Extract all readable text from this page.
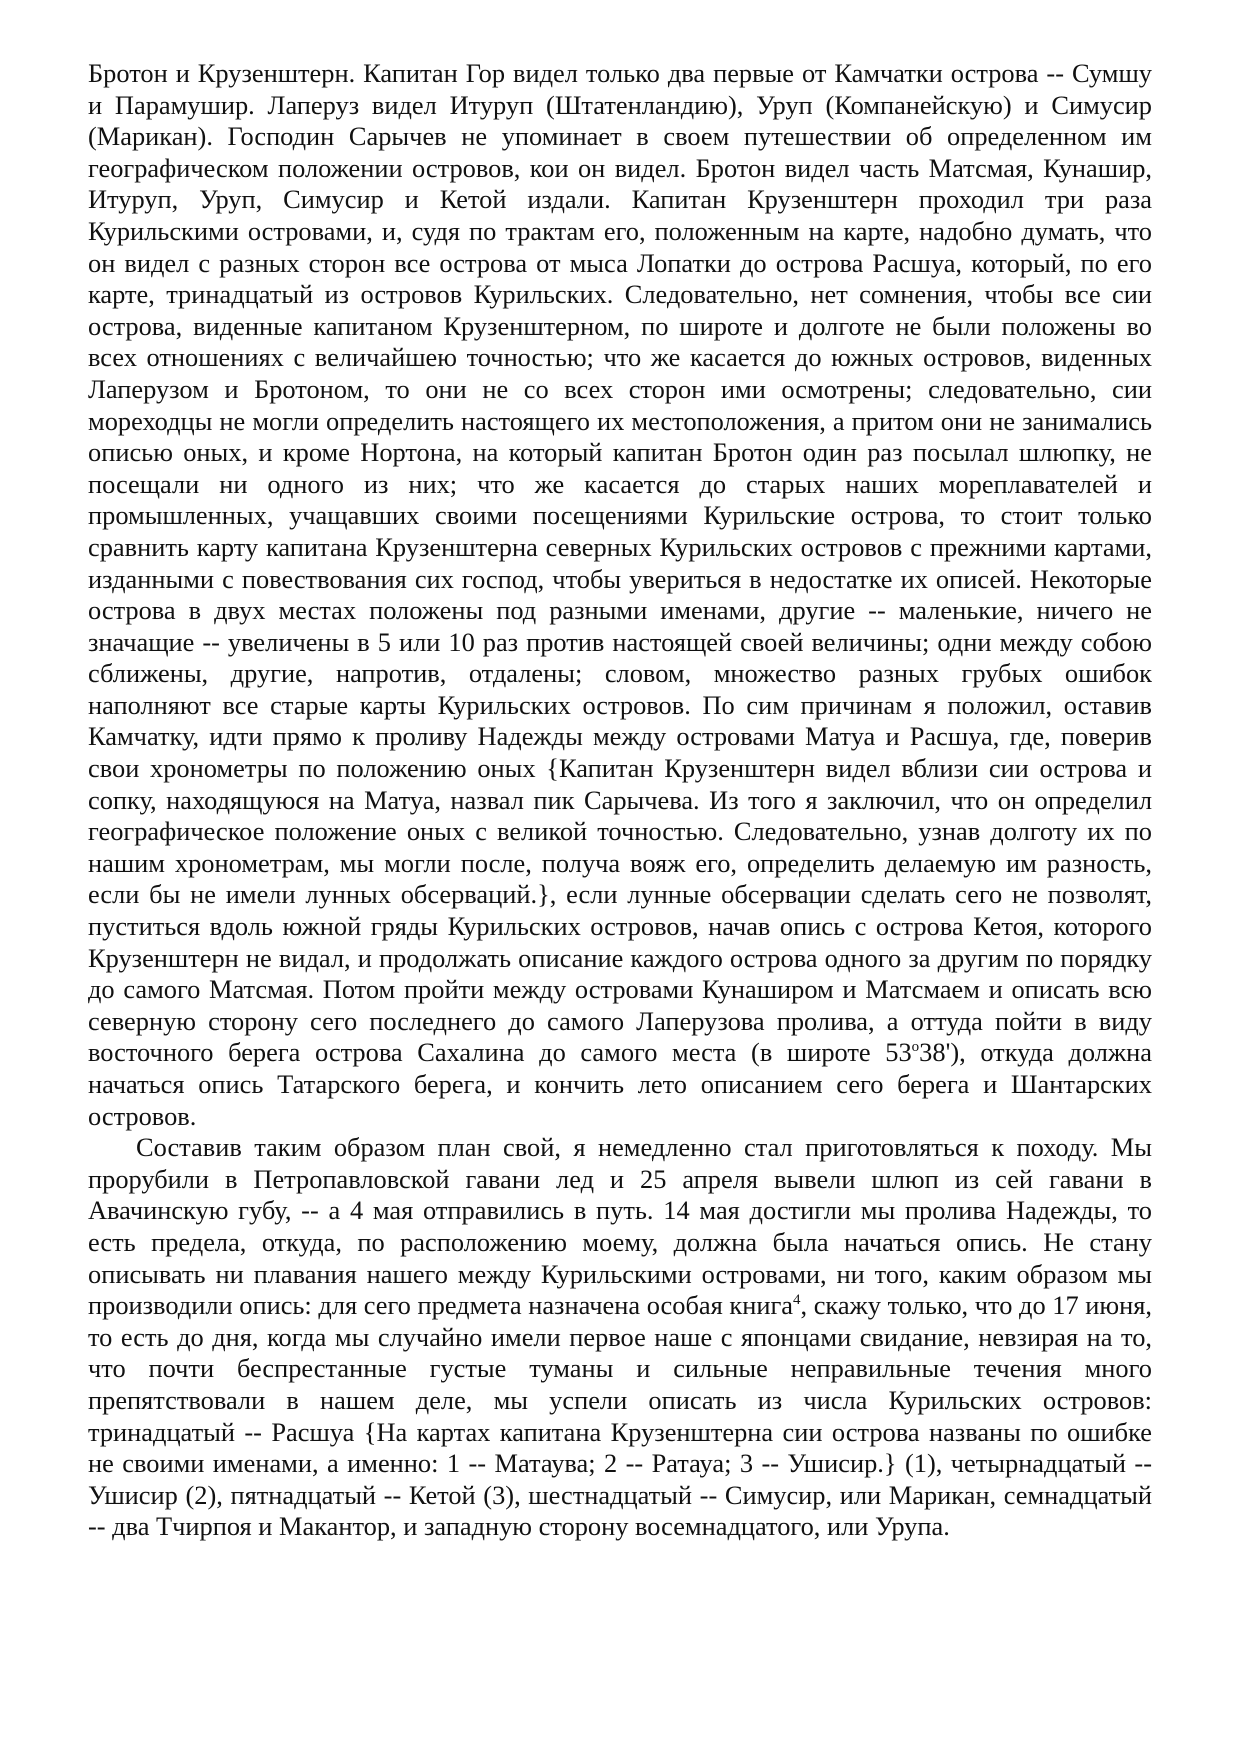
Бротон и Крузенштерн. Капитан Гор видел только два первые от Камчатки острова -- Сумшу и Парамушир. Лаперуз видел Итуруп (Штатенландию), Уруп (Компанейскую) и Симусир (Марикан). Господин Сарычев не упоминает в своем путешествии об определенном им географическом положении островов, кои он видел. Бротон видел часть Матсмая, Кунашир, Итуруп, Уруп, Симусир и Кетой издали. Капитан Крузенштерн проходил три раза Курильскими островами, и, судя по трактам его, положенным на карте, надобно думать, что он видел с разных сторон все острова от мыса Лопатки до острова Расшуа, который, по его карте, тринадцатый из островов Курильских. Следовательно, нет сомнения, чтобы все сии острова, виденные капитаном Крузенштерном, по широте и долготе не были положены во всех отношениях с величайшею точностью; что же касается до южных островов, виденных Лаперузом и Бротоном, то они не со всех сторон ими осмотрены; следовательно, сии мореходцы не могли определить настоящего их местоположения, а притом они не занимались описью оных, и кроме Нортона, на который капитан Бротон один раз посылал шлюпку, не посещали ни одного из них; что же касается до старых наших мореплавателей и промышленных, учащавших своими посещениями Курильские острова, то стоит только сравнить карту капитана Крузенштерна северных Курильских островов с прежними картами, изданными с повествования сих господ, чтобы увериться в недостатке их описей. Некоторые острова в двух местах положены под разными именами, другие -- маленькие, ничего не значащие -- увеличены в 5 или 10 раз против настоящей своей величины; одни между собою сближены, другие, напротив, отдалены; словом, множество разных грубых ошибок наполняют все старые карты Курильских островов. По сим причинам я положил, оставив Камчатку, идти прямо к проливу Надежды между островами Матуа и Расшуа, где, поверив свои хронометры по положению оных {Капитан Крузенштерн видел вблизи сии острова и сопку, находящуюся на Матуа, назвал пик Сарычева. Из того я заключил, что он определил географическое положение оных с великой точностью. Следовательно, узнав долготу их по нашим хронометрам, мы могли после, получа вояж его, определить делаемую им разность, если бы не имели лунных обсерваций.}, если лунные обсервации сделать сего не позволят, пуститься вдоль южной гряды Курильских островов, начав опись с острова Кетоя, которого Крузенштерн не видал, и продолжать описание каждого острова одного за другим по порядку до самого Матсмая. Потом пройти между островами Кунаширом и Матсмаем и описать всю северную сторону сего последнего до самого Лаперузова пролива, а оттуда пойти в виду восточного берега острова Сахалина до самого места (в широте $53^о38'$), откуда должна начаться опись Татарского берега, и кончить лето описанием сего берега и Шантарских островов.

Составив таким образом план свой, я немедленно стал приготовляться к походу. Мы прорубили в Петропавловской гавани лед и 25 апреля вывели шлюп из сей гавани в Авачинскую губу, -- а 4 мая отправились в путь. 14 мая достигли мы пролива Надежды, то есть предела, откуда, по расположению моему, должна была начаться опись. Не стану описывать ни плавания нашего между Курильскими островами, ни того, каким образом мы производили опись: для сего предмета назначена особая книга$^4$, скажу только, что до 17 июня, то есть до дня, когда мы случайно имели первое наше с японцами свидание, невзирая на то, что почти беспрестанные густые туманы и сильные неправильные течения много препятствовали в нашем деле, мы успели описать из числа Курильских островов: тринадцатый -- Расшуа {На картах капитана Крузенштерна сии острова названы по ошибке не своими именами, а именно: 1 -- Матаува; 2 -- Ратауа; 3 -- Ушисир.} (1), четырнадцатый -- Ушисир (2), пятнадцатый -- Кетой (3), шестнадцатый -- Симусир, или Марикан, семнадцатый -- два Тчирпоя и Макантор, и западную сторону восемнадцатого, или Урупа.
